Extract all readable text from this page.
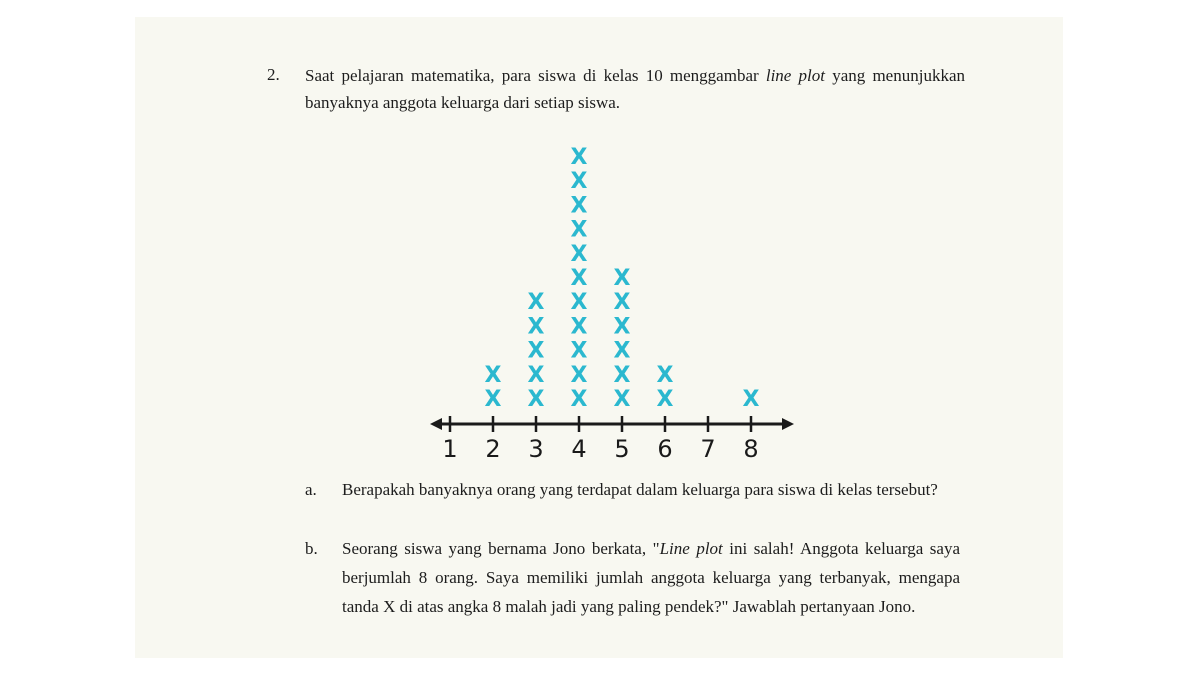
2. Saat pelajaran matematika, para siswa di kelas 10 menggambar line plot yang menunjukkan banyaknya anggota keluarga dari setiap siswa.
1 2 3 4 5 6 7 8
X
X
X
X
X
X
X
X
X
X
X
X
X
X
X
X
X
X
X
X
X
X
X
X
X
X
X
a. Berapakah banyaknya orang yang terdapat dalam keluarga para siswa di kelas tersebut?
b. Seorang siswa yang bernama Jono berkata, "Line plot ini salah! Anggota keluarga saya berjumlah 8 orang. Saya memiliki jumlah anggota keluarga yang terbanyak, mengapa tanda X di atas angka 8 malah jadi yang paling pendek?" Jawablah pertanyaan Jono.
